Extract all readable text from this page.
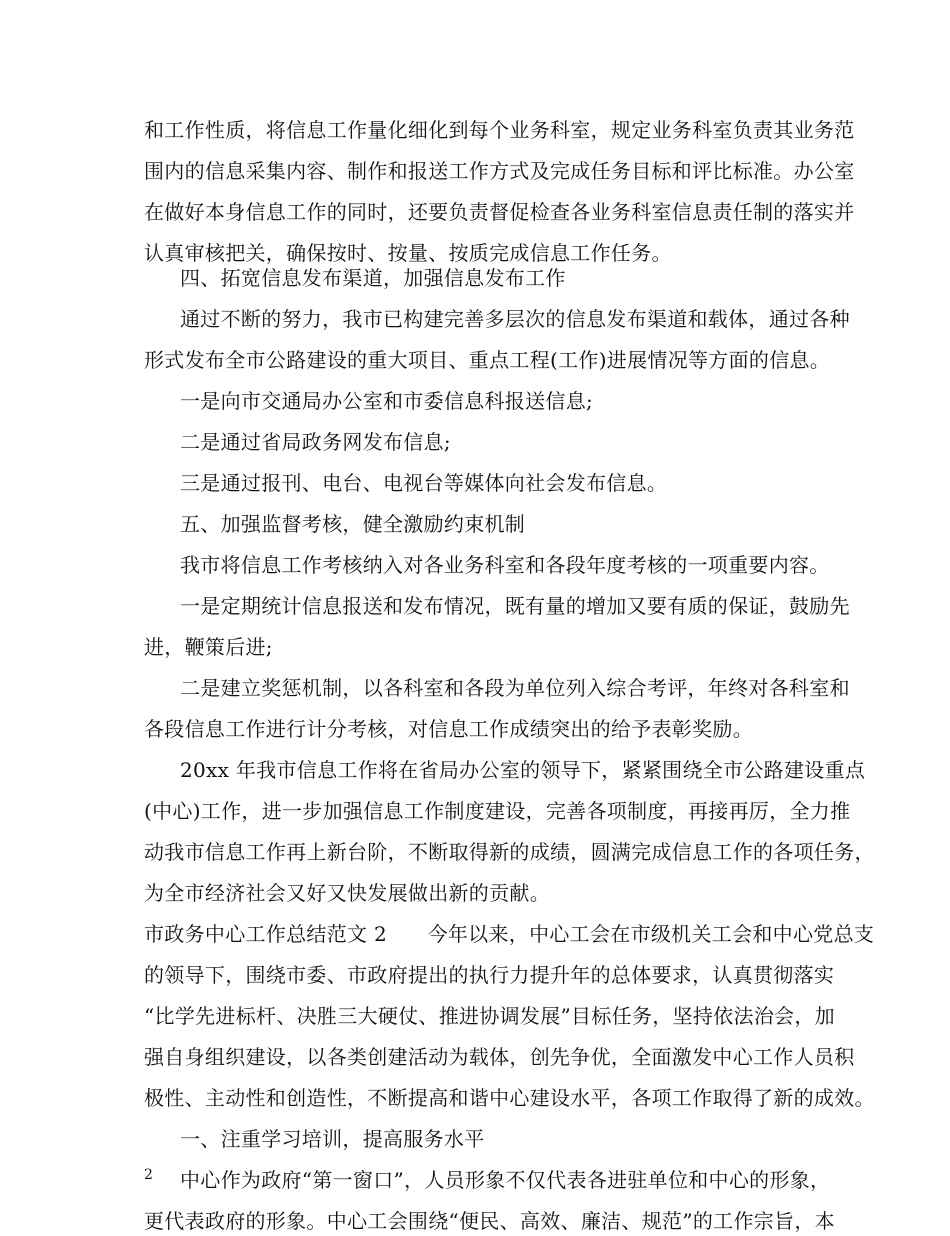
和工作性质，将信息工作量化细化到每个业务科室，规定业务科室负责其业务范
围内的信息采集内容、制作和报送工作方式及完成任务目标和评比标准。办公室
在做好本身信息工作的同时，还要负责督促检查各业务科室信息责任制的落实并
认真审核把关，确保按时、按量、按质完成信息工作任务。
四、拓宽信息发布渠道，加强信息发布工作
通过不断的努力，我市已构建完善多层次的信息发布渠道和载体，通过各种
形式发布全市公路建设的重大项目、重点工程(工作)进展情况等方面的信息。
一是向市交通局办公室和市委信息科报送信息;
二是通过省局政务网发布信息;
三是通过报刊、电台、电视台等媒体向社会发布信息。
五、加强监督考核，健全激励约束机制
我市将信息工作考核纳入对各业务科室和各段年度考核的一项重要内容。
一是定期统计信息报送和发布情况，既有量的增加又要有质的保证，鼓励先
进，鞭策后进;
二是建立奖惩机制，以各科室和各段为单位列入综合考评，年终对各科室和
各段信息工作进行计分考核，对信息工作成绩突出的给予表彰奖励。
20xx 年我市信息工作将在省局办公室的领导下，紧紧围绕全市公路建设重点
(中心)工作，进一步加强信息工作制度建设，完善各项制度，再接再厉，全力推
动我市信息工作再上新台阶，不断取得新的成绩，圆满完成信息工作的各项任务，
为全市经济社会又好又快发展做出新的贡献。
市政务中心工作总结范文 2　　今年以来，中心工会在市级机关工会和中心党总支
的领导下，围绕市委、市政府提出的执行力提升年的总体要求，认真贯彻落实
“比学先进标杆、决胜三大硬仗、推进协调发展”目标任务，坚持依法治会，加
强自身组织建设，以各类创建活动为载体，创先争优，全面激发中心工作人员积
极性、主动性和创造性，不断提高和谐中心建设水平，各项工作取得了新的成效。
一、注重学习培训，提高服务水平
中心作为政府“第一窗口”，人员形象不仅代表各进驻单位和中心的形象，
更代表政府的形象。中心工会围绕“便民、高效、廉洁、规范”的工作宗旨，本
2
